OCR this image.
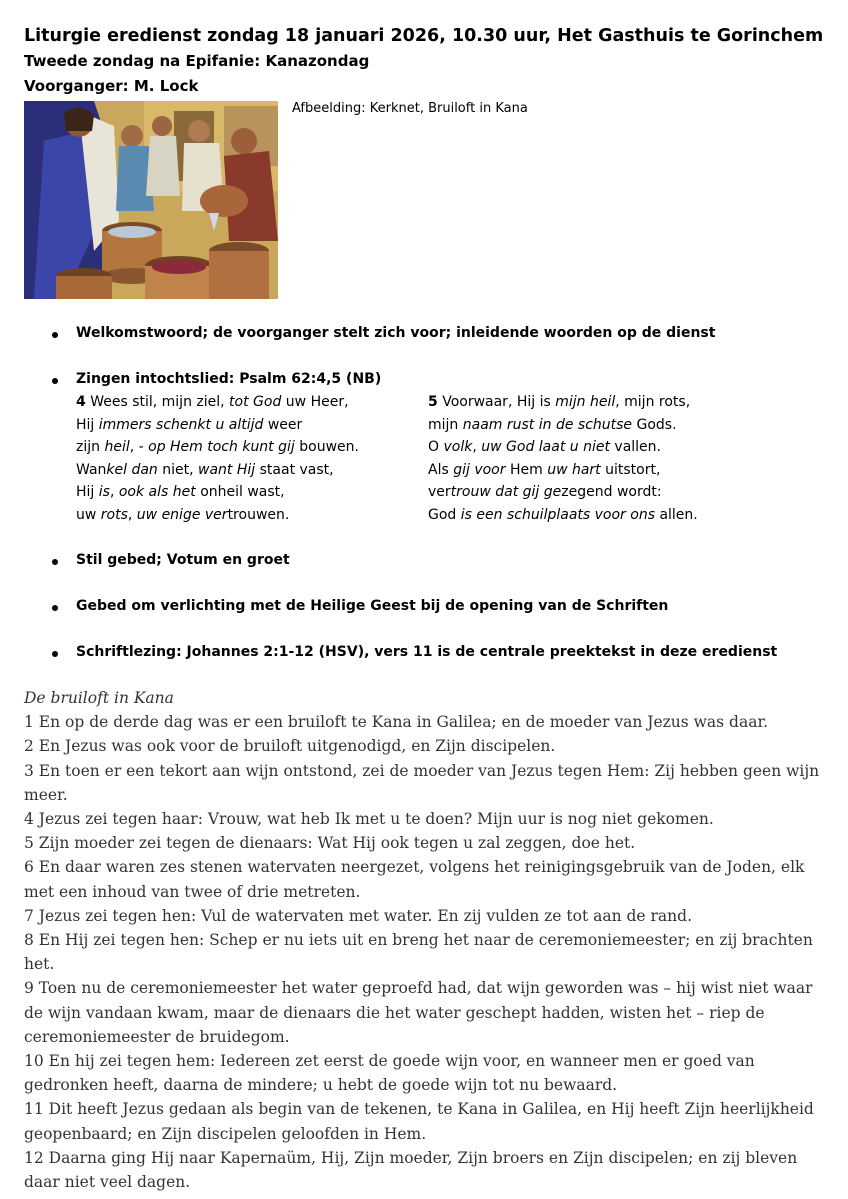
Liturgie eredienst zondag 18 januari 2026, 10.30 uur, Het Gasthuis te Gorinchem
Tweede zondag na Epifanie: Kanazondag
Voorganger: M. Lock
Afbeelding: Kerknet, Bruiloft in Kana
Welkomstwoord; de voorganger stelt zich voor; inleidende woorden op de dienst
Zingen intochtslied: Psalm 62:4,5 (NB)
4 Wees stil, mijn ziel, tot God uw Heer,
Hij immers schenkt u altijd weer
zijn heil, - op Hem toch kunt gij bouwen.
Wankel dan niet, want Hij staat vast,
Hij is, ook als het onheil wast,
uw rots, uw enige vertrouwen.
5 Voorwaar, Hij is mijn heil, mijn rots,
mijn naam rust in de schutse Gods.
O volk, uw God laat u niet vallen.
Als gij voor Hem uw hart uitstort,
vertrouw dat gij gezegend wordt:
God is een schuilplaats voor ons allen.
Stil gebed; Votum en groet
Gebed om verlichting met de Heilige Geest bij de opening van de Schriften
Schriftlezing: Johannes 2:1-12 (HSV), vers 11 is de centrale preektekst in deze eredienst
De bruiloft in Kana
1 En op de derde dag was er een bruiloft te Kana in Galilea; en de moeder van Jezus was daar.
2 En Jezus was ook voor de bruiloft uitgenodigd, en Zijn discipelen.
3 En toen er een tekort aan wijn ontstond, zei de moeder van Jezus tegen Hem: Zij hebben geen wijn meer.
4 Jezus zei tegen haar: Vrouw, wat heb Ik met u te doen? Mijn uur is nog niet gekomen.
5 Zijn moeder zei tegen de dienaars: Wat Hij ook tegen u zal zeggen, doe het.
6 En daar waren zes stenen watervaten neergezet, volgens het reinigingsgebruik van de Joden, elk met een inhoud van twee of drie metreten.
7 Jezus zei tegen hen: Vul de watervaten met water. En zij vulden ze tot aan de rand.
8 En Hij zei tegen hen: Schep er nu iets uit en breng het naar de ceremoniemeester; en zij brachten het.
9 Toen nu de ceremoniemeester het water geproefd had, dat wijn geworden was – hij wist niet waar de wijn vandaan kwam, maar de dienaars die het water geschept hadden, wisten het – riep de ceremoniemeester de bruidegom.
10 En hij zei tegen hem: Iedereen zet eerst de goede wijn voor, en wanneer men er goed van gedronken heeft, daarna de mindere; u hebt de goede wijn tot nu bewaard.
11 Dit heeft Jezus gedaan als begin van de tekenen, te Kana in Galilea, en Hij heeft Zijn heerlijkheid geopenbaard; en Zijn discipelen geloofden in Hem.
12 Daarna ging Hij naar Kapernaüm, Hij, Zijn moeder, Zijn broers en Zijn discipelen; en zij bleven daar niet veel dagen.
